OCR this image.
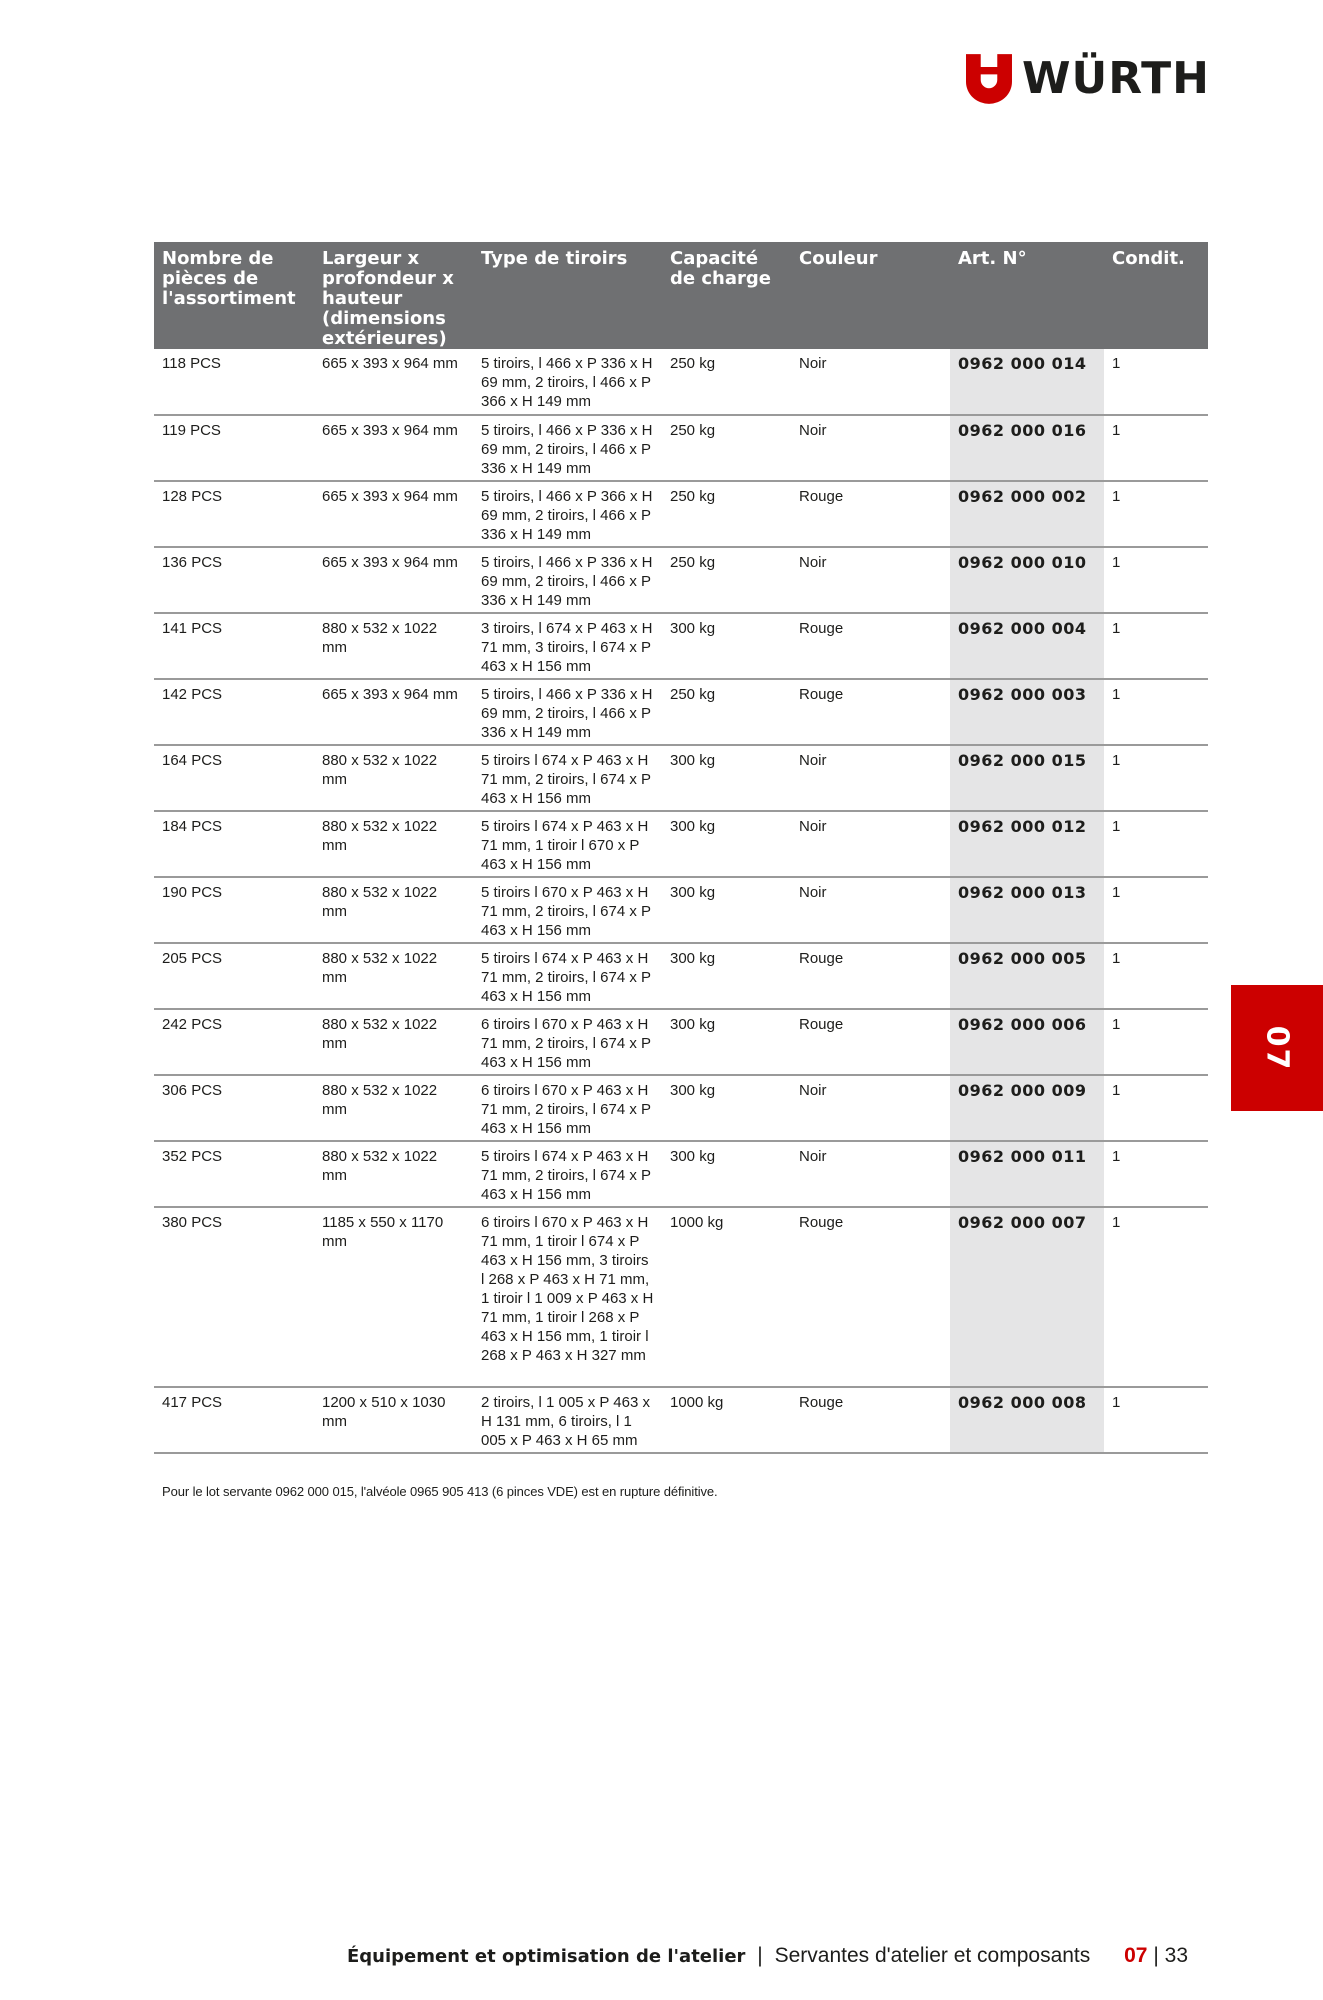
WÜRTH
Nombre de pièces de l'assortiment	Largeur x profondeur x hauteur (dimensions extérieures)	Type de tiroirs	Capacité de charge	Couleur	Art. N°	Condit.
118 PCS	665 x 393 x 964 mm	5 tiroirs, l 466 x P 336 x H 69 mm, 2 tiroirs, l 466 x P 366 x H 149 mm	250 kg	Noir	0962 000 014	1
119 PCS	665 x 393 x 964 mm	5 tiroirs, l 466 x P 336 x H 69 mm, 2 tiroirs, l 466 x P 336 x H 149 mm	250 kg	Noir	0962 000 016	1
128 PCS	665 x 393 x 964 mm	5 tiroirs, l 466 x P 366 x H 69 mm, 2 tiroirs, l 466 x P 336 x H 149 mm	250 kg	Rouge	0962 000 002	1
136 PCS	665 x 393 x 964 mm	5 tiroirs, l 466 x P 336 x H 69 mm, 2 tiroirs, l 466 x P 336 x H 149 mm	250 kg	Noir	0962 000 010	1
141 PCS	880 x 532 x 1022 mm	3 tiroirs, l 674 x P 463 x H 71 mm, 3 tiroirs, l 674 x P 463 x H 156 mm	300 kg	Rouge	0962 000 004	1
142 PCS	665 x 393 x 964 mm	5 tiroirs, l 466 x P 336 x H 69 mm, 2 tiroirs, l 466 x P 336 x H 149 mm	250 kg	Rouge	0962 000 003	1
164 PCS	880 x 532 x 1022 mm	5 tiroirs l 674 x P 463 x H 71 mm, 2 tiroirs, l 674 x P 463 x H 156 mm	300 kg	Noir	0962 000 015	1
184 PCS	880 x 532 x 1022 mm	5 tiroirs l 674 x P 463 x H 71 mm, 1 tiroir l 670 x P 463 x H 156 mm	300 kg	Noir	0962 000 012	1
190 PCS	880 x 532 x 1022 mm	5 tiroirs l 670 x P 463 x H 71 mm, 2 tiroirs, l 674 x P 463 x H 156 mm	300 kg	Noir	0962 000 013	1
205 PCS	880 x 532 x 1022 mm	5 tiroirs l 674 x P 463 x H 71 mm, 2 tiroirs, l 674 x P 463 x H 156 mm	300 kg	Rouge	0962 000 005	1
242 PCS	880 x 532 x 1022 mm	6 tiroirs l 670 x P 463 x H 71 mm, 2 tiroirs, l 674 x P 463 x H 156 mm	300 kg	Rouge	0962 000 006	1
306 PCS	880 x 532 x 1022 mm	6 tiroirs l 670 x P 463 x H 71 mm, 2 tiroirs, l 674 x P 463 x H 156 mm	300 kg	Noir	0962 000 009	1
352 PCS	880 x 532 x 1022 mm	5 tiroirs l 674 x P 463 x H 71 mm, 2 tiroirs, l 674 x P 463 x H 156 mm	300 kg	Noir	0962 000 011	1
380 PCS	1185 x 550 x 1170 mm	6 tiroirs l 670 x P 463 x H 71 mm, 1 tiroir l 674 x P 463 x H 156 mm, 3 tiroirs l 268 x P 463 x H 71 mm, 1 tiroir l 1 009 x P 463 x H 71 mm, 1 tiroir l 268 x P 463 x H 156 mm, 1 tiroir l 268 x P 463 x H 327 mm	1000 kg	Rouge	0962 000 007	1
417 PCS	1200 x 510 x 1030 mm	2 tiroirs, l 1 005 x P 463 x H 131 mm, 6 tiroirs, l 1 005 x P 463 x H 65 mm	1000 kg	Rouge	0962 000 008	1
Pour le lot servante 0962 000 015, l'alvéole 0965 905 413 (6 pinces VDE) est en rupture définitive.
07
Équipement et optimisation de l'atelier | Servantes d'atelier et composants 07 | 33
